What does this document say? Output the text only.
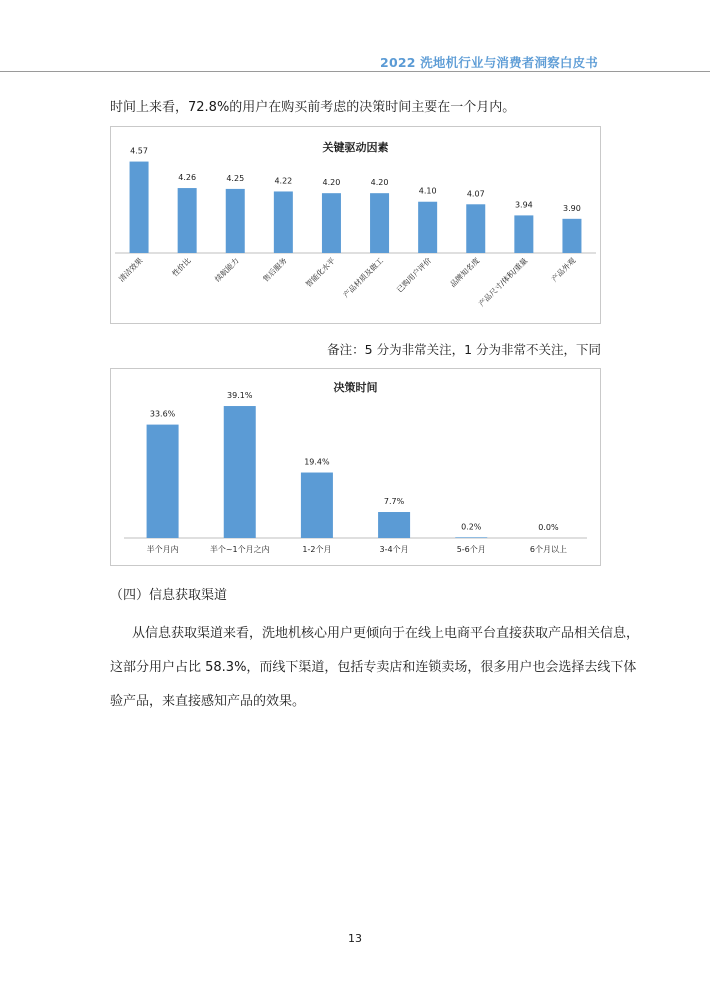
2022 洗地机行业与消费者洞察白皮书
时间上来看，72.8%的用户在购买前考虑的决策时间主要在一个月内。
关键驱动因素
4.57
清洁效果
4.26
性价比
4.25
续航能力
4.22
售后服务
4.20
智能化水平
4.20
产品材质及做工
4.10
已购用户评价
4.07
品牌知名度
3.94
产品尺寸/体积/重量
3.90
产品外观
备注：5 分为非常关注，1 分为非常不关注，下同
决策时间
33.6%
半个月内
39.1%
半个~1个月之内
19.4%
1-2个月
7.7%
3-4个月
0.2%
5-6个月
0.0%
6个月以上
（四）信息获取渠道
从信息获取渠道来看，洗地机核心用户更倾向于在线上电商平台直接获取产品相关信息，
这部分用户占比 58.3%，而线下渠道，包括专卖店和连锁卖场，很多用户也会选择去线下体
验产品，来直接感知产品的效果。
13
